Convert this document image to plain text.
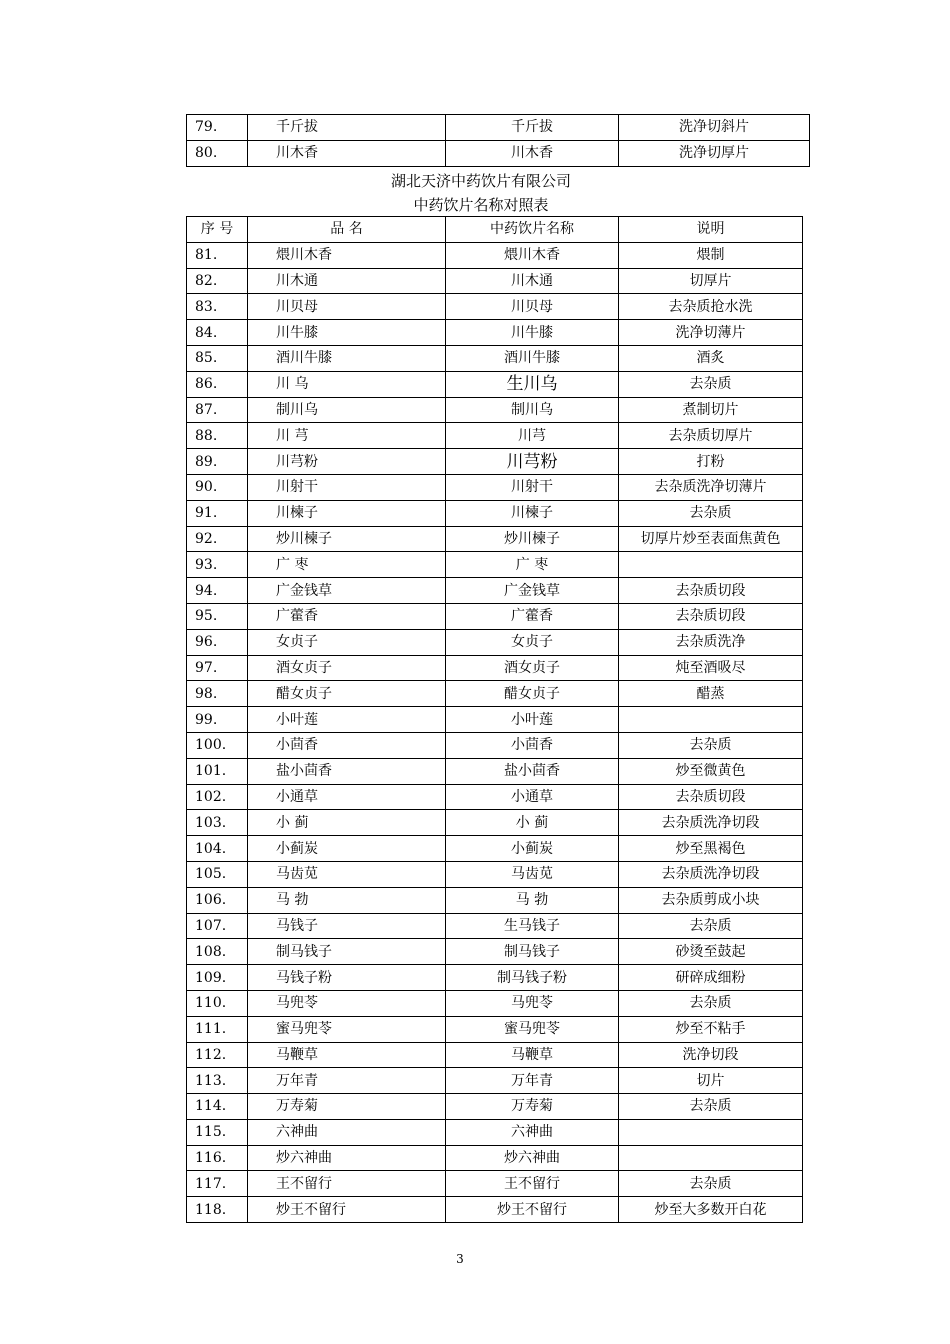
79.	千斤拔	千斤拔	洗净切斜片
80.	川木香	川木香	洗净切厚片
湖北天济中药饮片有限公司
中药饮片名称对照表
序 号	品 名	中药饮片名称	说明
81.	煨川木香	煨川木香	煨制
82.	川木通	川木通	切厚片
83.	川贝母	川贝母	去杂质抢水洗
84.	川牛膝	川牛膝	洗净切薄片
85.	酒川牛膝	酒川牛膝	酒炙
86.	川 乌	生川乌	去杂质
87.	制川乌	制川乌	煮制切片
88.	川 芎	川芎	去杂质切厚片
89.	川芎粉	川芎粉	打粉
90.	川射干	川射干	去杂质洗净切薄片
91.	川楝子	川楝子	去杂质
92.	炒川楝子	炒川楝子	切厚片炒至表面焦黄色
93.	广 枣	广 枣	
94.	广金钱草	广金钱草	去杂质切段
95.	广藿香	广藿香	去杂质切段
96.	女贞子	女贞子	去杂质洗净
97.	酒女贞子	酒女贞子	炖至酒吸尽
98.	醋女贞子	醋女贞子	醋蒸
99.	小叶莲	小叶莲	
100.	小茴香	小茴香	去杂质
101.	盐小茴香	盐小茴香	炒至微黄色
102.	小通草	小通草	去杂质切段
103.	小 蓟	小 蓟	去杂质洗净切段
104.	小蓟炭	小蓟炭	炒至黑褐色
105.	马齿苋	马齿苋	去杂质洗净切段
106.	马 勃	马 勃	去杂质剪成小块
107.	马钱子	生马钱子	去杂质
108.	制马钱子	制马钱子	砂烫至鼓起
109.	马钱子粉	制马钱子粉	研碎成细粉
110.	马兜苓	马兜苓	去杂质
111.	蜜马兜苓	蜜马兜苓	炒至不粘手
112.	马鞭草	马鞭草	洗净切段
113.	万年青	万年青	切片
114.	万寿菊	万寿菊	去杂质
115.	六神曲	六神曲	
116.	炒六神曲	炒六神曲	
117.	王不留行	王不留行	去杂质
118.	炒王不留行	炒王不留行	炒至大多数开白花
3
